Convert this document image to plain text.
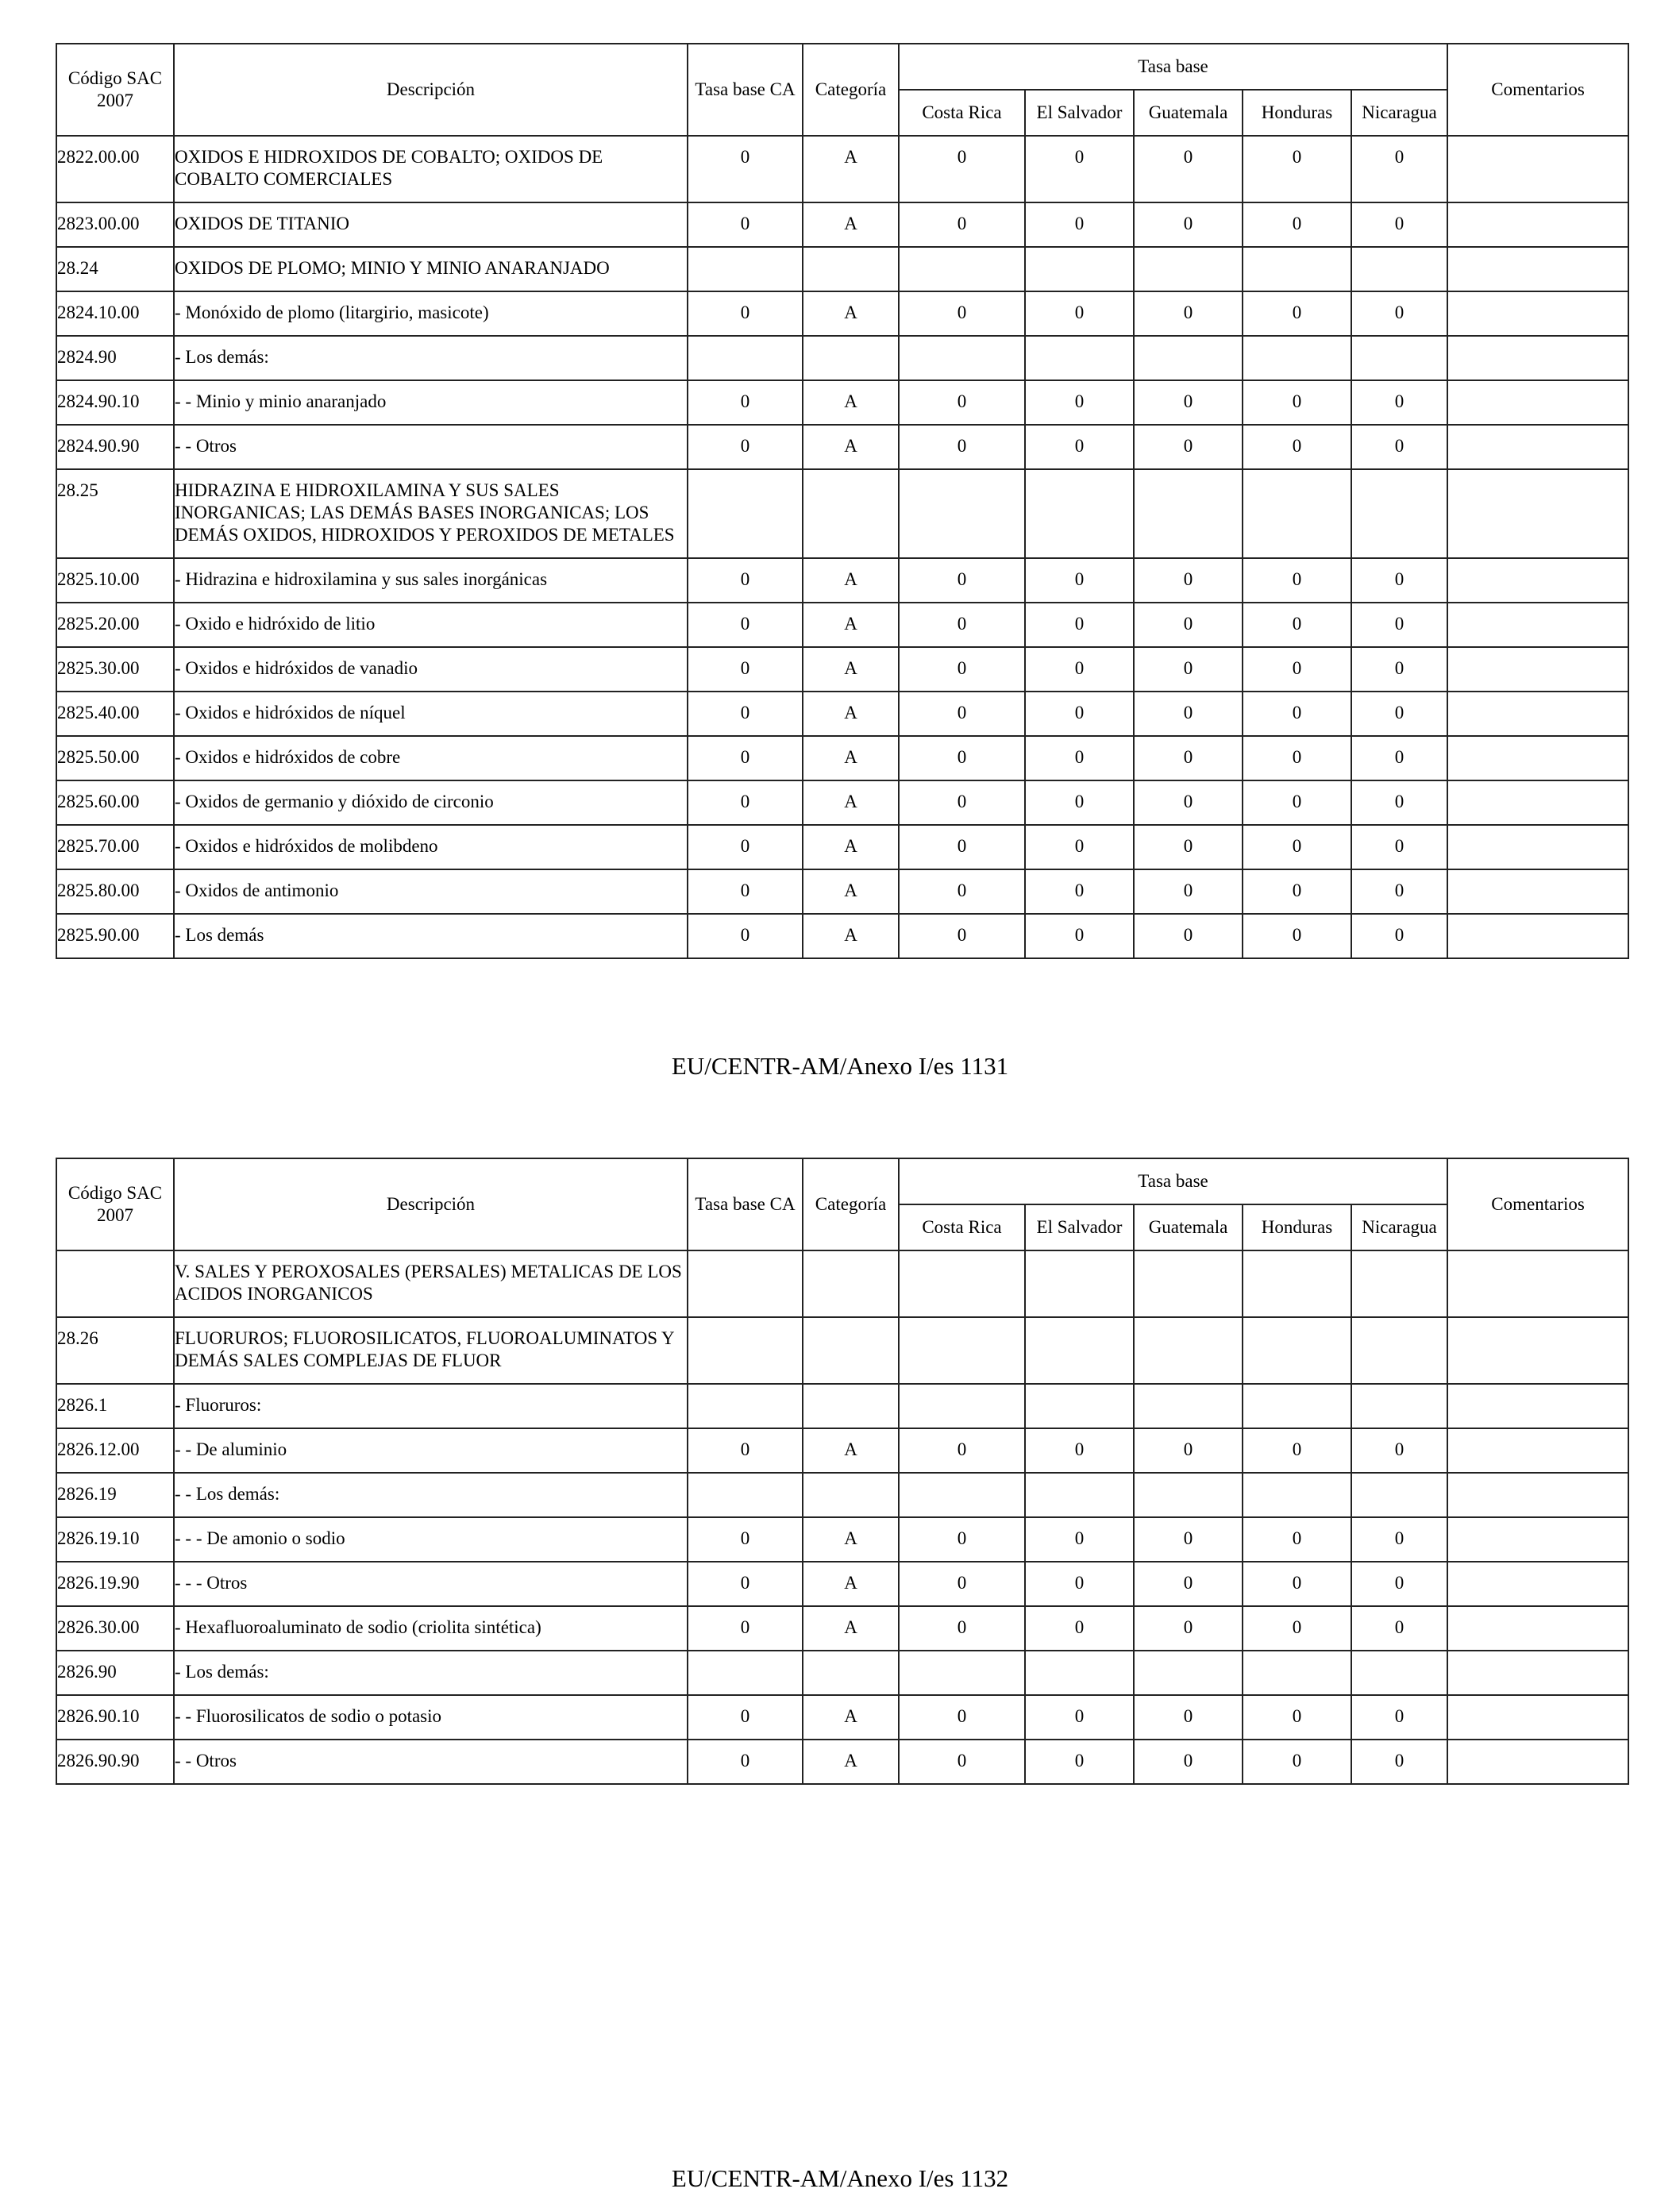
Código SAC 2007	Descripción	Tasa base CA	Categoría	Tasa base					Comentarios
				Costa Rica	El Salvador	Guatemala	Honduras	Nicaragua	
2822.00.00	OXIDOS E HIDROXIDOS DE COBALTO; OXIDOS DE COBALTO COMERCIALES	0	A	0	0	0	0	0	
2823.00.00	OXIDOS DE TITANIO	0	A	0	0	0	0	0	
28.24	OXIDOS DE PLOMO; MINIO Y MINIO ANARANJADO								
2824.10.00	- Monóxido de plomo (litargirio, masicote)	0	A	0	0	0	0	0	
2824.90	- Los demás:								
2824.90.10	- - Minio y minio anaranjado	0	A	0	0	0	0	0	
2824.90.90	- - Otros	0	A	0	0	0	0	0	
28.25	HIDRAZINA E HIDROXILAMINA Y SUS SALES INORGANICAS; LAS DEMÁS BASES INORGANICAS; LOS DEMÁS OXIDOS, HIDROXIDOS Y PEROXIDOS DE METALES								
2825.10.00	- Hidrazina e hidroxilamina y sus sales inorgánicas	0	A	0	0	0	0	0	
2825.20.00	- Oxido e hidróxido de litio	0	A	0	0	0	0	0	
2825.30.00	- Oxidos e hidróxidos de vanadio	0	A	0	0	0	0	0	
2825.40.00	- Oxidos e hidróxidos de níquel	0	A	0	0	0	0	0	
2825.50.00	- Oxidos e hidróxidos de cobre	0	A	0	0	0	0	0	
2825.60.00	- Oxidos de germanio y dióxido de circonio	0	A	0	0	0	0	0	
2825.70.00	- Oxidos e hidróxidos de molibdeno	0	A	0	0	0	0	0	
2825.80.00	- Oxidos de antimonio	0	A	0	0	0	0	0	
2825.90.00	- Los demás	0	A	0	0	0	0	0	
EU/CENTR-AM/Anexo I/es 1131
Código SAC 2007	Descripción	Tasa base CA	Categoría	Tasa base					Comentarios
				Costa Rica	El Salvador	Guatemala	Honduras	Nicaragua	
	V. SALES Y PEROXOSALES (PERSALES) METALICAS DE LOS ACIDOS INORGANICOS								
28.26	FLUORUROS; FLUOROSILICATOS, FLUOROALUMINATOS Y DEMÁS SALES COMPLEJAS DE FLUOR								
2826.1	- Fluoruros:								
2826.12.00	- - De aluminio	0	A	0	0	0	0	0	
2826.19	- - Los demás:								
2826.19.10	- - - De amonio o sodio	0	A	0	0	0	0	0	
2826.19.90	- - - Otros	0	A	0	0	0	0	0	
2826.30.00	- Hexafluoroaluminato de sodio (criolita sintética)	0	A	0	0	0	0	0	
2826.90	- Los demás:								
2826.90.10	- - Fluorosilicatos de sodio o potasio	0	A	0	0	0	0	0	
2826.90.90	- - Otros	0	A	0	0	0	0	0	
EU/CENTR-AM/Anexo I/es 1132
